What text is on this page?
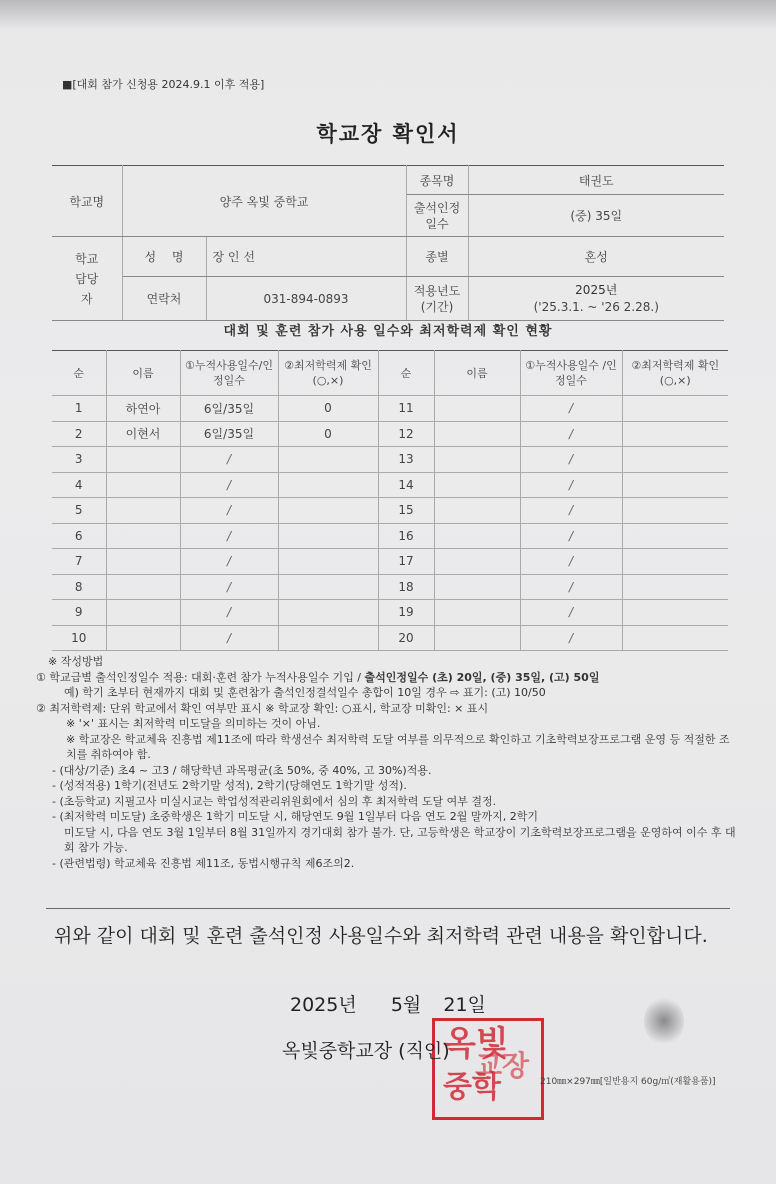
■[대회 참가 신청용 2024.9.1 이후 적용]
학교장 확인서
학교명	양주 옥빛 중학교		종목명	태권도
			출석인정 일수	(중) 35일
학교 담당자	성 명	장 인 선	종별	혼성
	연락처	031-894-0893	적용년도 (기간)	2025년
('25.3.1. ~ '26 2.28.)
대회 및 훈련 참가 사용 일수와 최저학력제 확인 현황
순	이름	①누적사용일수/인정일수	②최저학력제 확인(○,×)	순	이름	①누적사용일수 /인정일수	②최저학력제 확인(○,×)
1	하연아	6일/35일	0	11		/	
2	이현서	6일/35일	0	12		/	
3		/		13		/	
4		/		14		/	
5		/		15		/	
6		/		16		/	
7		/		17		/	
8		/		18		/	
9		/		19		/	
10		/		20		/	

※ 작성방법

① 학교급별 출석인정일수 적용: 대회·훈련 참가 누적사용일수 기입 / 출석인정일수 (초) 20일, (중) 35일, (고) 50일

예) 학기 초부터 현재까지 대회 및 훈련참가 출석인정결석일수 총합이 10일 경우 ⇨ 표기: (고) 10/50

② 최저학력제: 단위 학교에서 확인 여부만 표시 ※ 학교장 확인: ○표시, 학교장 미확인: × 표시

※ '×' 표시는 최저학력 미도달을 의미하는 것이 아님.

※ 학교장은 학교체육 진흥법 제11조에 따라 학생선수 최저학력 도달 여부를 의무적으로 확인하고 기초학력보장프로그램 운영 등 적절한 조치를 취하여야 함.

- (대상/기준) 초4 ~ 고3 / 해당학년 과목평균(초 50%, 중 40%, 고 30%)적용.

- (성적적용) 1학기(전년도 2학기말 성적), 2학기(당해연도 1학기말 성적).

- (초등학교) 지필고사 미실시교는 학업성적관리위원회에서 심의 후 최저학력 도달 여부 결정.

- (최저학력 미도달) 초중학생은 1학기 미도달 시, 해당연도 9월 1일부터 다음 연도 2월 말까지, 2학기

미도달 시, 다음 연도 3월 1일부터 8월 31일까지 경기대회 참가 불가. 단, 고등학생은 학교장이 기초학력보장프로그램을 운영하여 이수 후 대회 참가 가능.

- (관련법령) 학교체육 진흥법 제11조, 동법시행규칙 제6조의2.

위와 같이 대회 및 훈련 출석인정 사용일수와 최저학력 관련 내용을 확인합니다.
2025년 5월 21일
옥빛
중학
교장
옥빛중학교장 (직인)
210㎜×297㎜[일반용지 60g/㎡(재활용품)]
